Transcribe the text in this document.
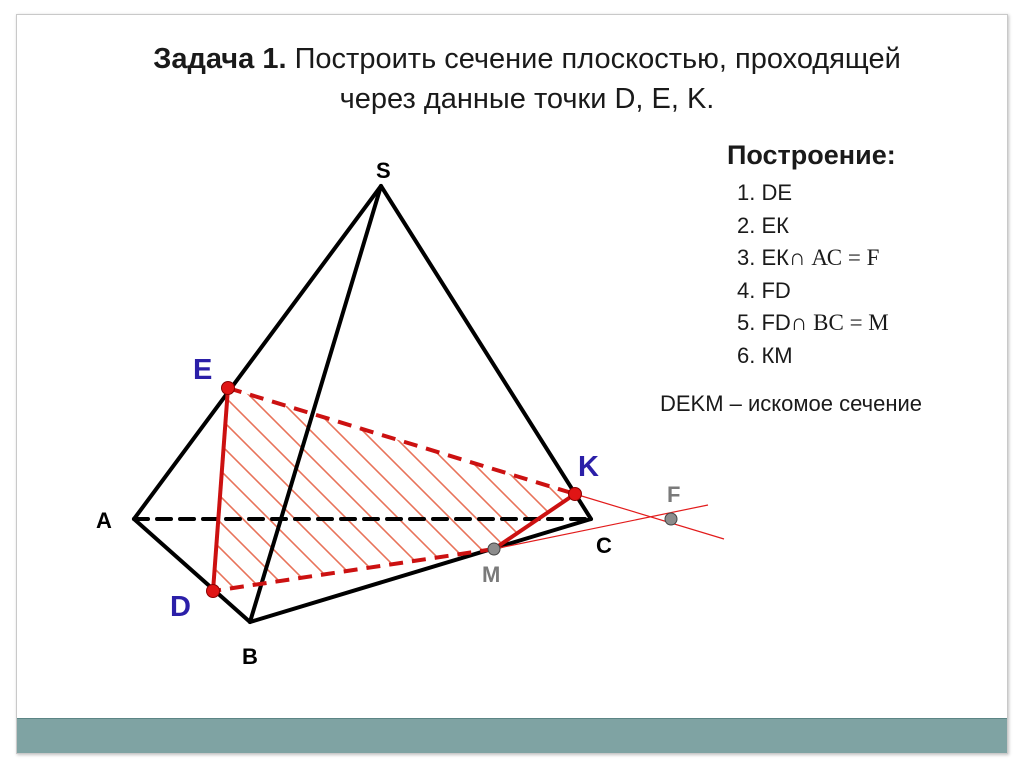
Задача 1. Построить сечение плоскостью, проходящей
через данные точки D, E, K.
Построение:
1. DE
2. ЕК
3. ЕК∩ АС = F
4. FD
5. FD∩ ВС = М
6. КМ
DEKM – искомое сечение
S
A
B
C
E
D
K
M
F
